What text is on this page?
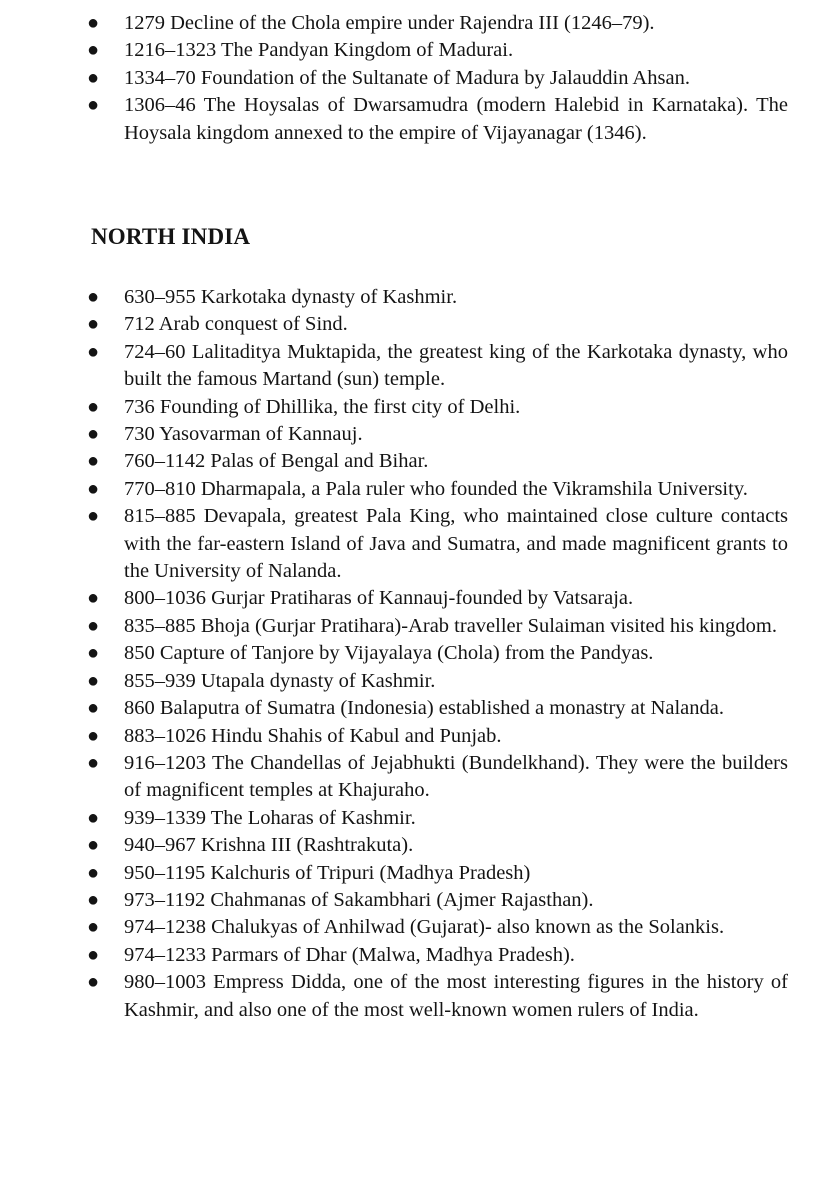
● 1279 Decline of the Chola empire under Rajendra III (1246–79).
● 1216–1323 The Pandyan Kingdom of Madurai.
● 1334–70 Foundation of the Sultanate of Madura by Jalauddin Ahsan.
● 1306–46 The Hoysalas of Dwarsamudra (modern Halebid in Karnataka). The Hoysala kingdom annexed to the empire of Vijayanagar (1346).
NORTH INDIA
● 630–955 Karkotaka dynasty of Kashmir.
● 712 Arab conquest of Sind.
● 724–60 Lalitaditya Muktapida, the greatest king of the Karkotaka dynasty, who built the famous Martand (sun) temple.
● 736 Founding of Dhillika, the first city of Delhi.
● 730 Yasovarman of Kannauj.
● 760–1142 Palas of Bengal and Bihar.
● 770–810 Dharmapala, a Pala ruler who founded the Vikramshila University.
● 815–885 Devapala, greatest Pala King, who maintained close culture contacts with the far-eastern Island of Java and Sumatra, and made magnificent grants to the University of Nalanda.
● 800–1036 Gurjar Pratiharas of Kannauj-founded by Vatsaraja.
● 835–885 Bhoja (Gurjar Pratihara)-Arab traveller Sulaiman visited his kingdom.
● 850 Capture of Tanjore by Vijayalaya (Chola) from the Pandyas.
● 855–939 Utapala dynasty of Kashmir.
● 860 Balaputra of Sumatra (Indonesia) established a monastry at Nalanda.
● 883–1026 Hindu Shahis of Kabul and Punjab.
● 916–1203 The Chandellas of Jejabhukti (Bundelkhand). They were the builders of magnificent temples at Khajuraho.
● 939–1339 The Loharas of Kashmir.
● 940–967 Krishna III (Rashtrakuta).
● 950–1195 Kalchuris of Tripuri (Madhya Pradesh)
● 973–1192 Chahmanas of Sakambhari (Ajmer Rajasthan).
● 974–1238 Chalukyas of Anhilwad (Gujarat)- also known as the Solankis.
● 974–1233 Parmars of Dhar (Malwa, Madhya Pradesh).
● 980–1003 Empress Didda, one of the most interesting figures in the history of Kashmir, and also one of the most well-known women rulers of India.
